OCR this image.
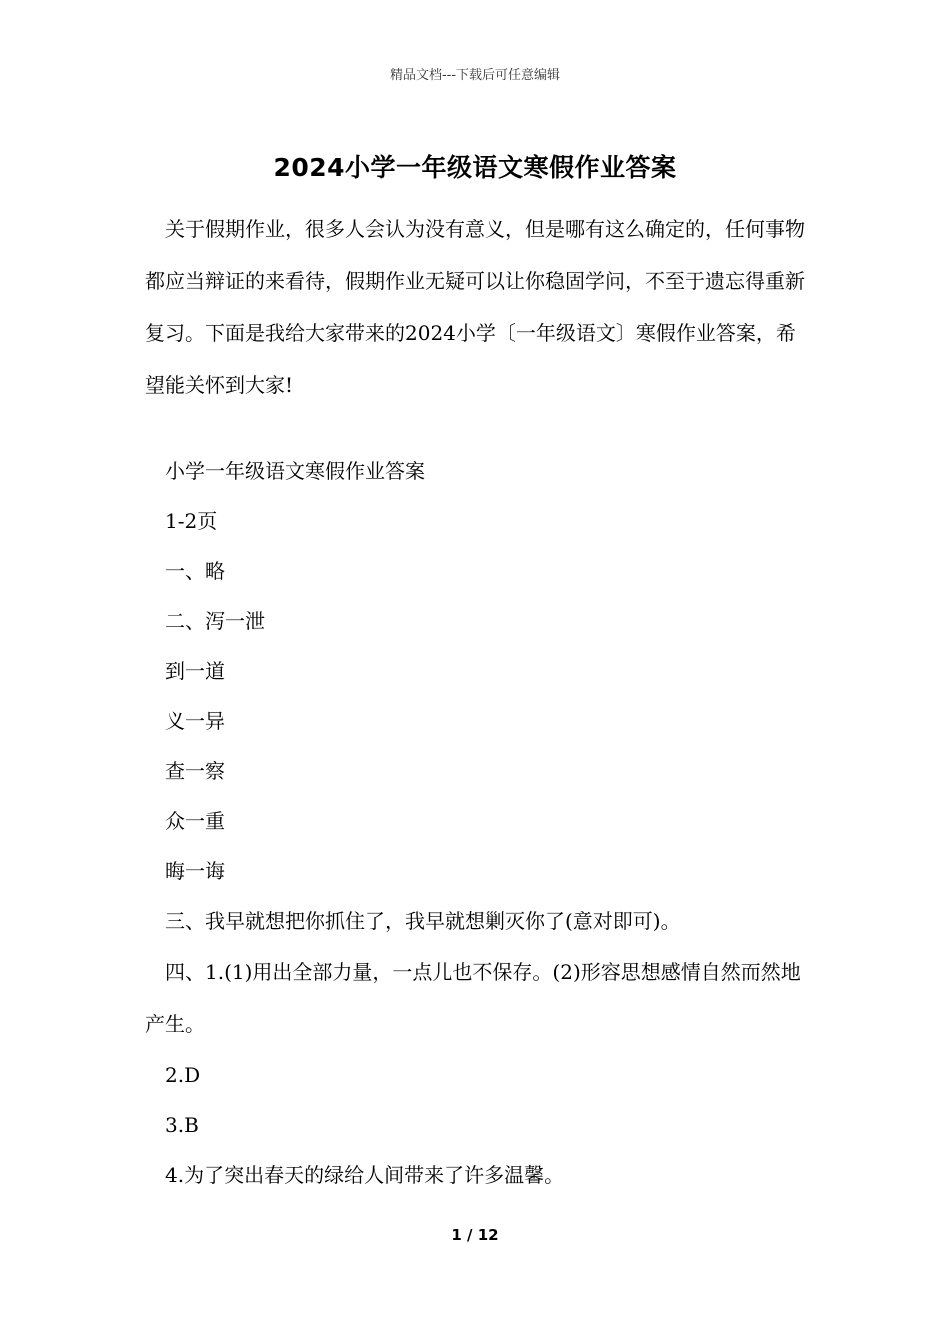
精品文档---下载后可任意编辑
2024小学一年级语文寒假作业答案

关于假期作业，很多人会认为没有意义，但是哪有这么确定的，任何事物都应当辩证的来看待，假期作业无疑可以让你稳固学问，不至于遗忘得重新复习。下面是我给大家带来的2024小学〔一年级语文〕寒假作业答案，希望能关怀到大家!

小学一年级语文寒假作业答案
1-2页
一、略
二、泻一泄
到一道
义一异
查一察
众一重
晦一诲
三、我早就想把你抓住了，我早就想剿灭你了(意对即可)。

四、1.(1)用出全部力量，一点儿也不保存。(2)形容思想感情自然而然地产生。

2.D
3.B
4.为了突出春天的绿给人间带来了许多温馨。
1 / 12
